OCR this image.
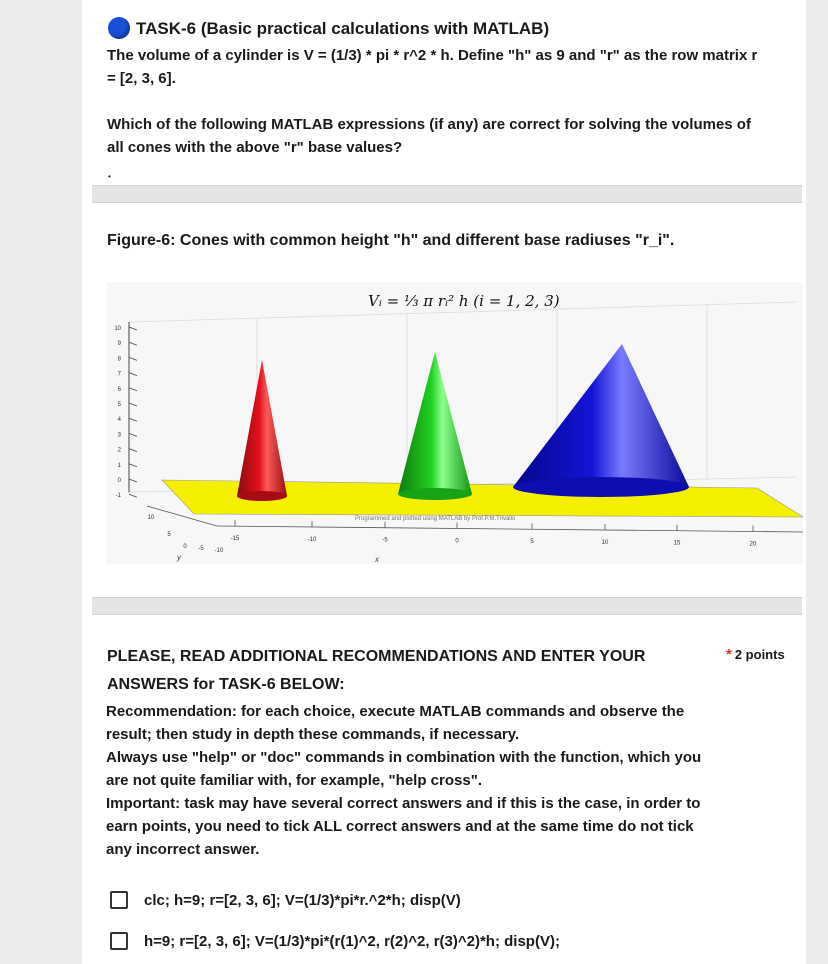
TASK-6 (Basic practical calculations with MATLAB)
The volume of a cylinder is V = (1/3) * pi * r^2 * h. Define "h" as 9 and "r" as the row matrix r
= [2, 3, 6].
Which of the following MATLAB expressions (if any) are correct for solving the volumes of
all cones with the above "r" base values?
•
Figure-6: Cones with common height "h" and different base radiuses "r_i".
10
9
8
7
6
5
4
3
2
1
0
-1
-15	-10	-5	0	5	10	15	20
10
5
0 -5 -10
x
y
Vᵢ = ⅓ π rᵢ² h (i = 1, 2, 3)
Programmed and plotted using MATLAB by Prof.P.M.Trivailo
PLEASE, READ ADDITIONAL RECOMMENDATIONS AND ENTER YOUR
ANSWERS for TASK-6 BELOW:
* 2 points
Recommendation: for each choice, execute MATLAB commands and observe the
result; then study in depth these commands, if necessary.
Always use "help" or "doc" commands in combination with the function, which you
are not quite familiar with, for example, "help cross".
Important: task may have several correct answers and if this is the case, in order to
earn points, you need to tick ALL correct answers and at the same time do not tick
any incorrect answer.
clc; h=9; r=[2, 3, 6]; V=(1/3)*pi*r.^2*h; disp(V)
h=9; r=[2, 3, 6]; V=(1/3)*pi*(r(1)^2, r(2)^2, r(3)^2)*h; disp(V);
